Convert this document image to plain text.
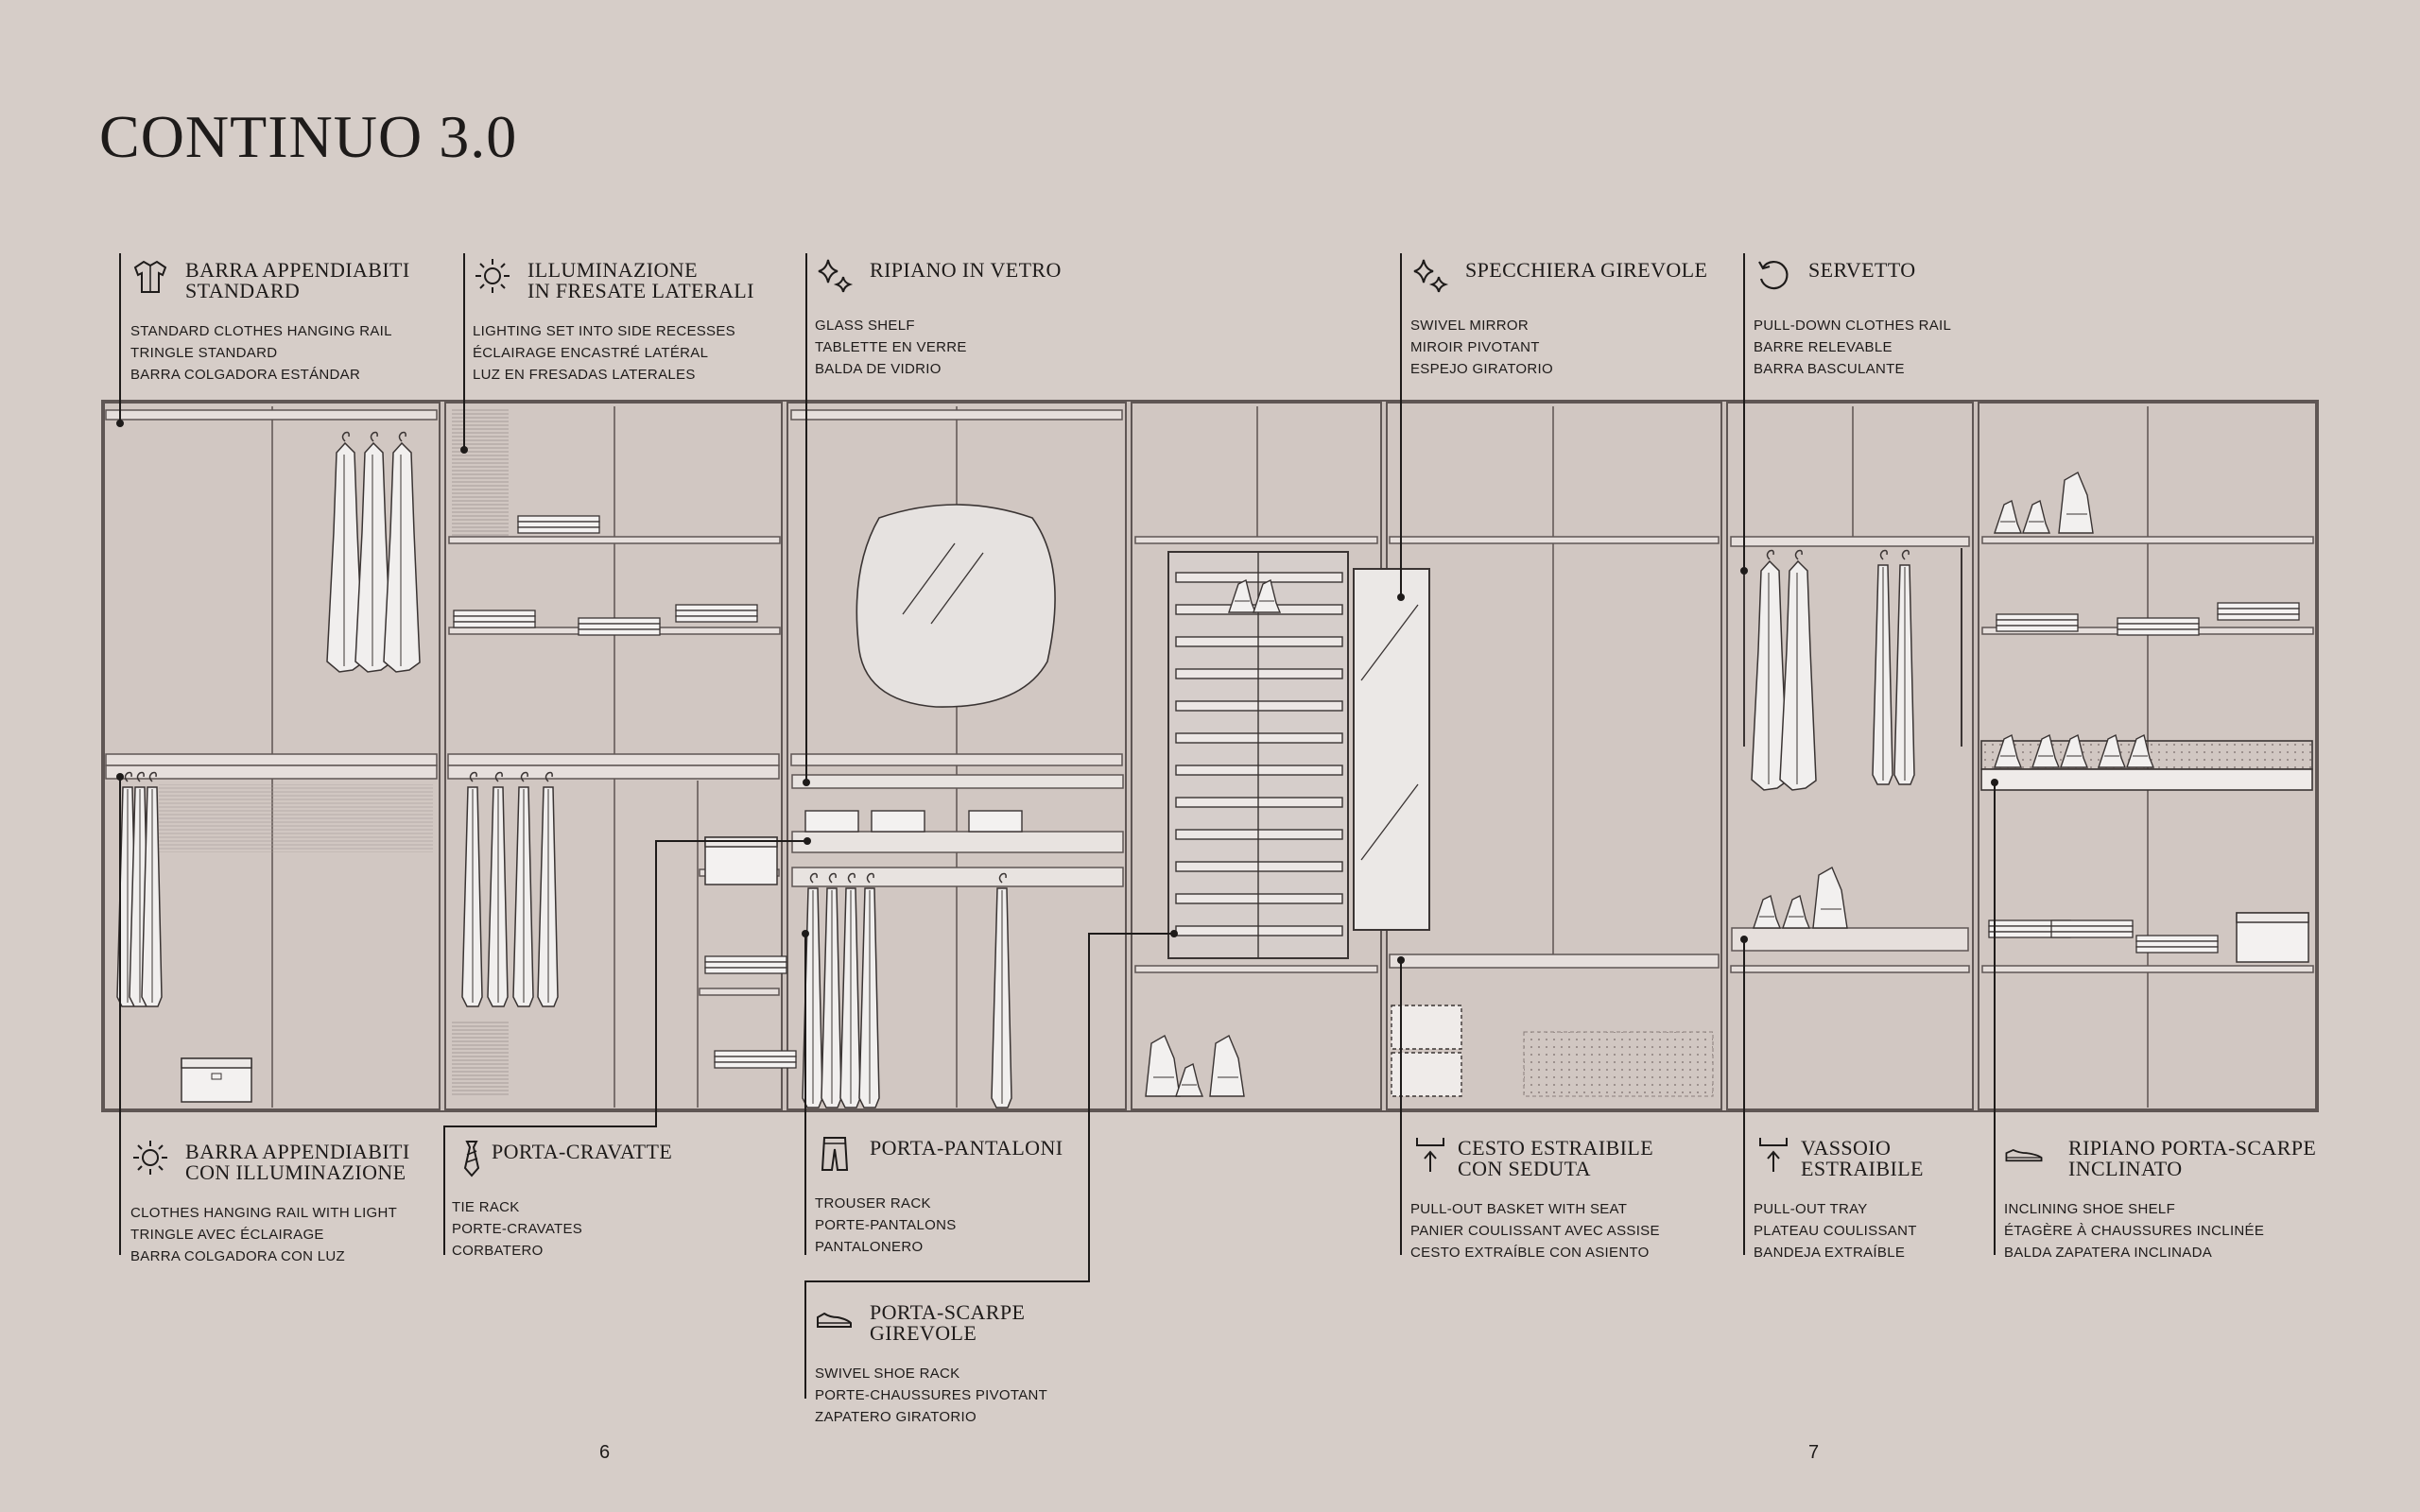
CONTINUO 3.0
BARRA APPENDIABITI
STANDARD
STANDARD CLOTHES HANGING RAIL
TRINGLE STANDARD
BARRA COLGADORA ESTÁNDAR
ILLUMINAZIONE
IN FRESATE LATERALI
LIGHTING SET INTO SIDE RECESSES
ÉCLAIRAGE ENCASTRÉ LATÉRAL
LUZ EN FRESADAS LATERALES
RIPIANO IN VETRO
GLASS SHELF
TABLETTE EN VERRE
BALDA DE VIDRIO
SPECCHIERA GIREVOLE
SWIVEL MIRROR
MIROIR PIVOTANT
ESPEJO GIRATORIO
SERVETTO
PULL-DOWN CLOTHES RAIL
BARRE RELEVABLE
BARRA BASCULANTE
BARRA APPENDIABITI
CON ILLUMINAZIONE
CLOTHES HANGING RAIL WITH LIGHT
TRINGLE AVEC ÉCLAIRAGE
BARRA COLGADORA CON LUZ
PORTA-CRAVATTE
TIE RACK
PORTE-CRAVATES
CORBATERO
PORTA-PANTALONI
TROUSER RACK
PORTE-PANTALONS
PANTALONERO
PORTA-SCARPE GIREVOLE
SWIVEL SHOE RACK
PORTE-CHAUSSURES PIVOTANT
ZAPATERO GIRATORIO
CESTO ESTRAIBILE
CON SEDUTA
PULL-OUT BASKET WITH SEAT
PANIER COULISSANT AVEC ASSISE
CESTO EXTRAÍBLE CON ASIENTO
VASSOIO
ESTRAIBILE
PULL-OUT TRAY
PLATEAU COULISSANT
BANDEJA EXTRAÍBLE
RIPIANO PORTA-SCARPE
INCLINATO
INCLINING SHOE SHELF
ÉTAGÈRE À CHAUSSURES INCLINÉE
BALDA ZAPATERA INCLINADA
6	7
